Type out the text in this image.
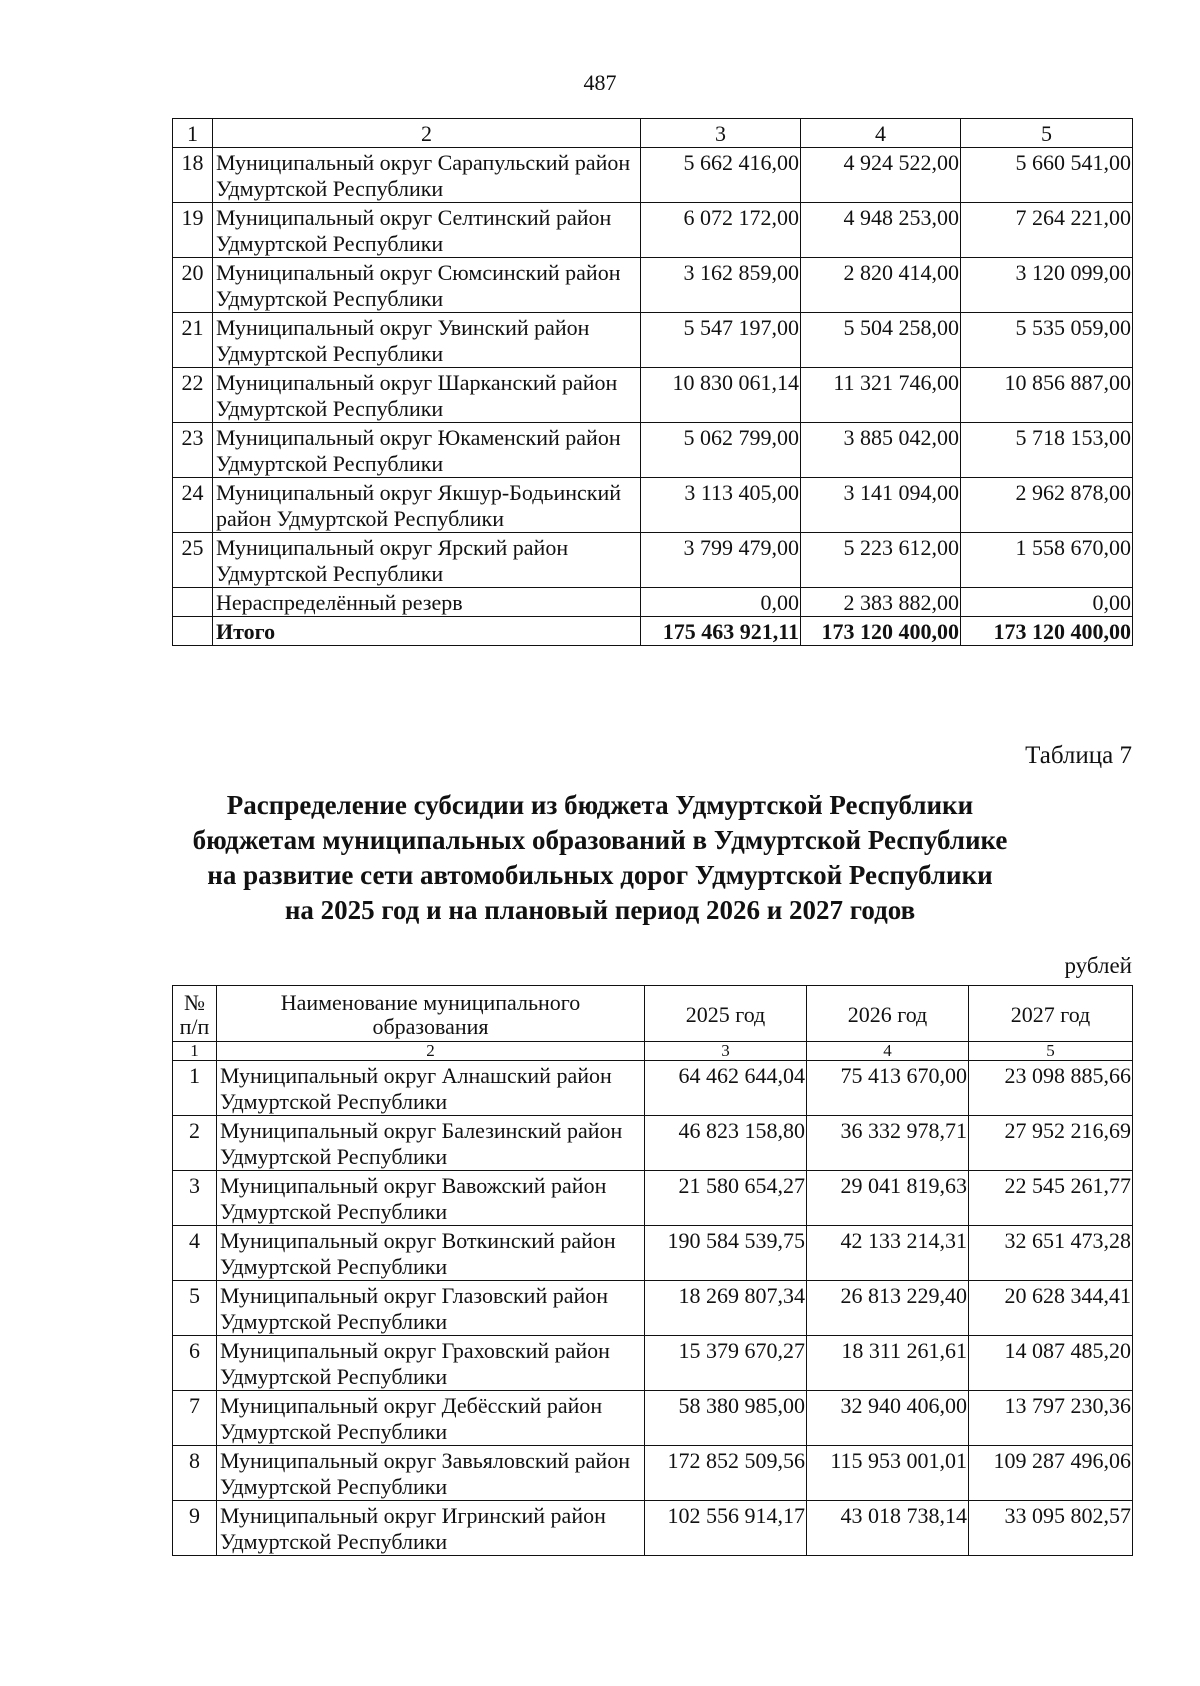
487
1	2	3	4	5
18	Муниципальный округ Сарапульский район Удмуртской Республики	5 662 416,00	4 924 522,00	5 660 541,00
19	Муниципальный округ Селтинский район Удмуртской Республики	6 072 172,00	4 948 253,00	7 264 221,00
20	Муниципальный округ Сюмсинский район Удмуртской Республики	3 162 859,00	2 820 414,00	3 120 099,00
21	Муниципальный округ Увинский район Удмуртской Республики	5 547 197,00	5 504 258,00	5 535 059,00
22	Муниципальный округ Шарканский район Удмуртской Республики	10 830 061,14	11 321 746,00	10 856 887,00
23	Муниципальный округ Юкаменский район Удмуртской Республики	5 062 799,00	3 885 042,00	5 718 153,00
24	Муниципальный округ Якшур-Бодьинский район Удмуртской Республики	3 113 405,00	3 141 094,00	2 962 878,00
25	Муниципальный округ Ярский район Удмуртской Республики	3 799 479,00	5 223 612,00	1 558 670,00
	Нераспределённый резерв	0,00	2 383 882,00	0,00
	Итого	175 463 921,11	173 120 400,00	173 120 400,00
Таблица 7
Распределение субсидии из бюджета Удмуртской Республики
бюджетам муниципальных образований в Удмуртской Республике
на развитие сети автомобильных дорог Удмуртской Республики
на 2025 год и на плановый период 2026 и 2027 годов
рублей
№ п/п	Наименование муниципального образования	2025 год	2026 год	2027 год
1	2	3	4	5
1	Муниципальный округ Алнашский район Удмуртской Республики	64 462 644,04	75 413 670,00	23 098 885,66
2	Муниципальный округ Балезинский район Удмуртской Республики	46 823 158,80	36 332 978,71	27 952 216,69
3	Муниципальный округ Вавожский район Удмуртской Республики	21 580 654,27	29 041 819,63	22 545 261,77
4	Муниципальный округ Воткинский район Удмуртской Республики	190 584 539,75	42 133 214,31	32 651 473,28
5	Муниципальный округ Глазовский район Удмуртской Республики	18 269 807,34	26 813 229,40	20 628 344,41
6	Муниципальный округ Граховский район Удмуртской Республики	15 379 670,27	18 311 261,61	14 087 485,20
7	Муниципальный округ Дебёсский район Удмуртской Республики	58 380 985,00	32 940 406,00	13 797 230,36
8	Муниципальный округ Завьяловский район Удмуртской Республики	172 852 509,56	115 953 001,01	109 287 496,06
9	Муниципальный округ Игринский район Удмуртской Республики	102 556 914,17	43 018 738,14	33 095 802,57
